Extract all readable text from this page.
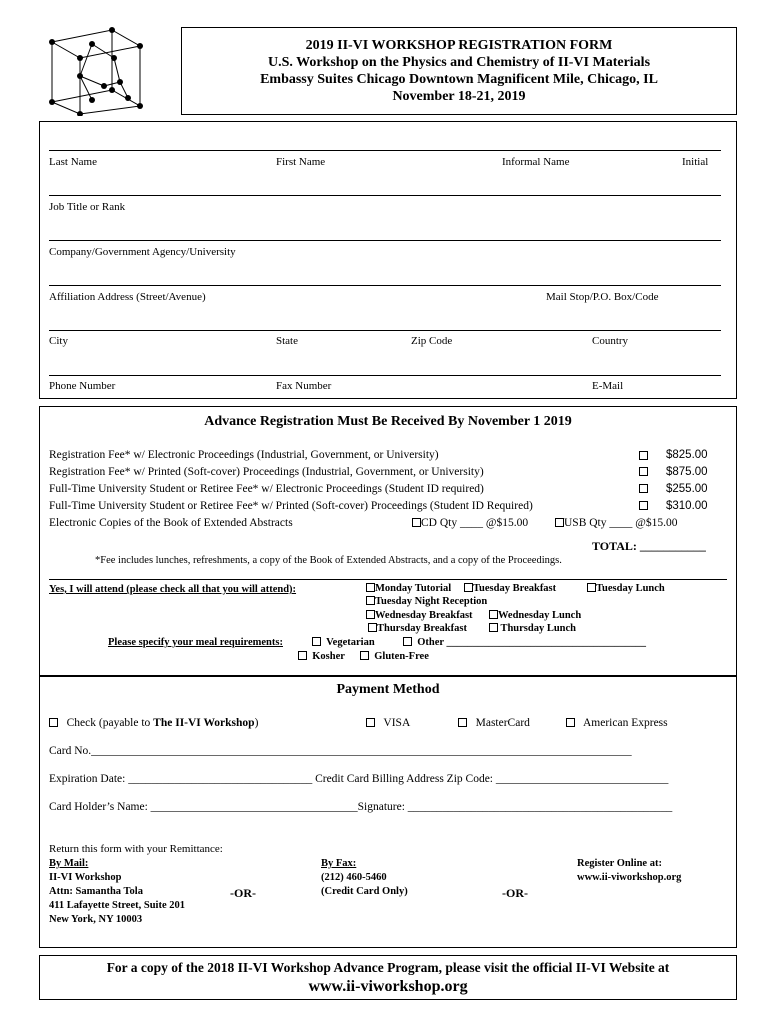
2019 II-VI WORKSHOP REGISTRATION FORM
U.S. Workshop on the Physics and Chemistry of II-VI Materials
Embassy Suites Chicago Downtown Magnificent Mile, Chicago, IL
November 18-21, 2019
Last Name	First Name	Informal Name	Initial
Job Title or Rank
Company/Government Agency/University
Affiliation Address (Street/Avenue)	Mail Stop/P.O. Box/Code
City	State	Zip Code	Country
Phone Number	Fax Number	E-Mail
Advance Registration Must Be Received By November 1 2019
Registration Fee* w/ Electronic Proceedings (Industrial, Government, or University)	$825.00
Registration Fee* w/ Printed (Soft-cover) Proceedings (Industrial, Government, or University)	$875.00
Full-Time University Student or Retiree Fee* w/ Electronic Proceedings (Student ID required)	$255.00
Full-Time University Student or Retiree Fee* w/ Printed (Soft-cover) Proceedings (Student ID Required)	$310.00
Electronic Copies of the Book of Extended Abstracts	CD Qty ____ @$15.00	USB Qty ____ @$15.00
TOTAL: ___________
*Fee includes lunches, refreshments, a copy of the Book of Extended Abstracts, and a copy of the Proceedings.
Yes, I will attend (please check all that you will attend):	Monday Tutorial	Tuesday Breakfast	Tuesday Lunch
Tuesday Night Reception
Wednesday Breakfast	Wednesday Lunch
Thursday Breakfast	Thursday Lunch
Please specify your meal requirements:	Vegetarian	Other ______________________________________
Kosher	Gluten-Free
Payment Method
Check (payable to The II-VI Workshop)	VISA	MasterCard	American Express
Card No.______________________________________________________________________________________________
Expiration Date: ________________________________ Credit Card Billing Address Zip Code: ______________________________
Card Holder’s Name: ____________________________________Signature: ______________________________________________
Return this form with your Remittance:
By Mail:
II-VI Workshop
Attn: Samantha Tola
411 Lafayette Street, Suite 201
New York, NY 10003
-OR-
By Fax:
(212) 460-5460
(Credit Card Only)	-OR-
Register Online at:
www.ii-viworkshop.org
For a copy of the 2018 II-VI Workshop Advance Program, please visit the official II-VI Website at
www.ii-viworkshop.org
